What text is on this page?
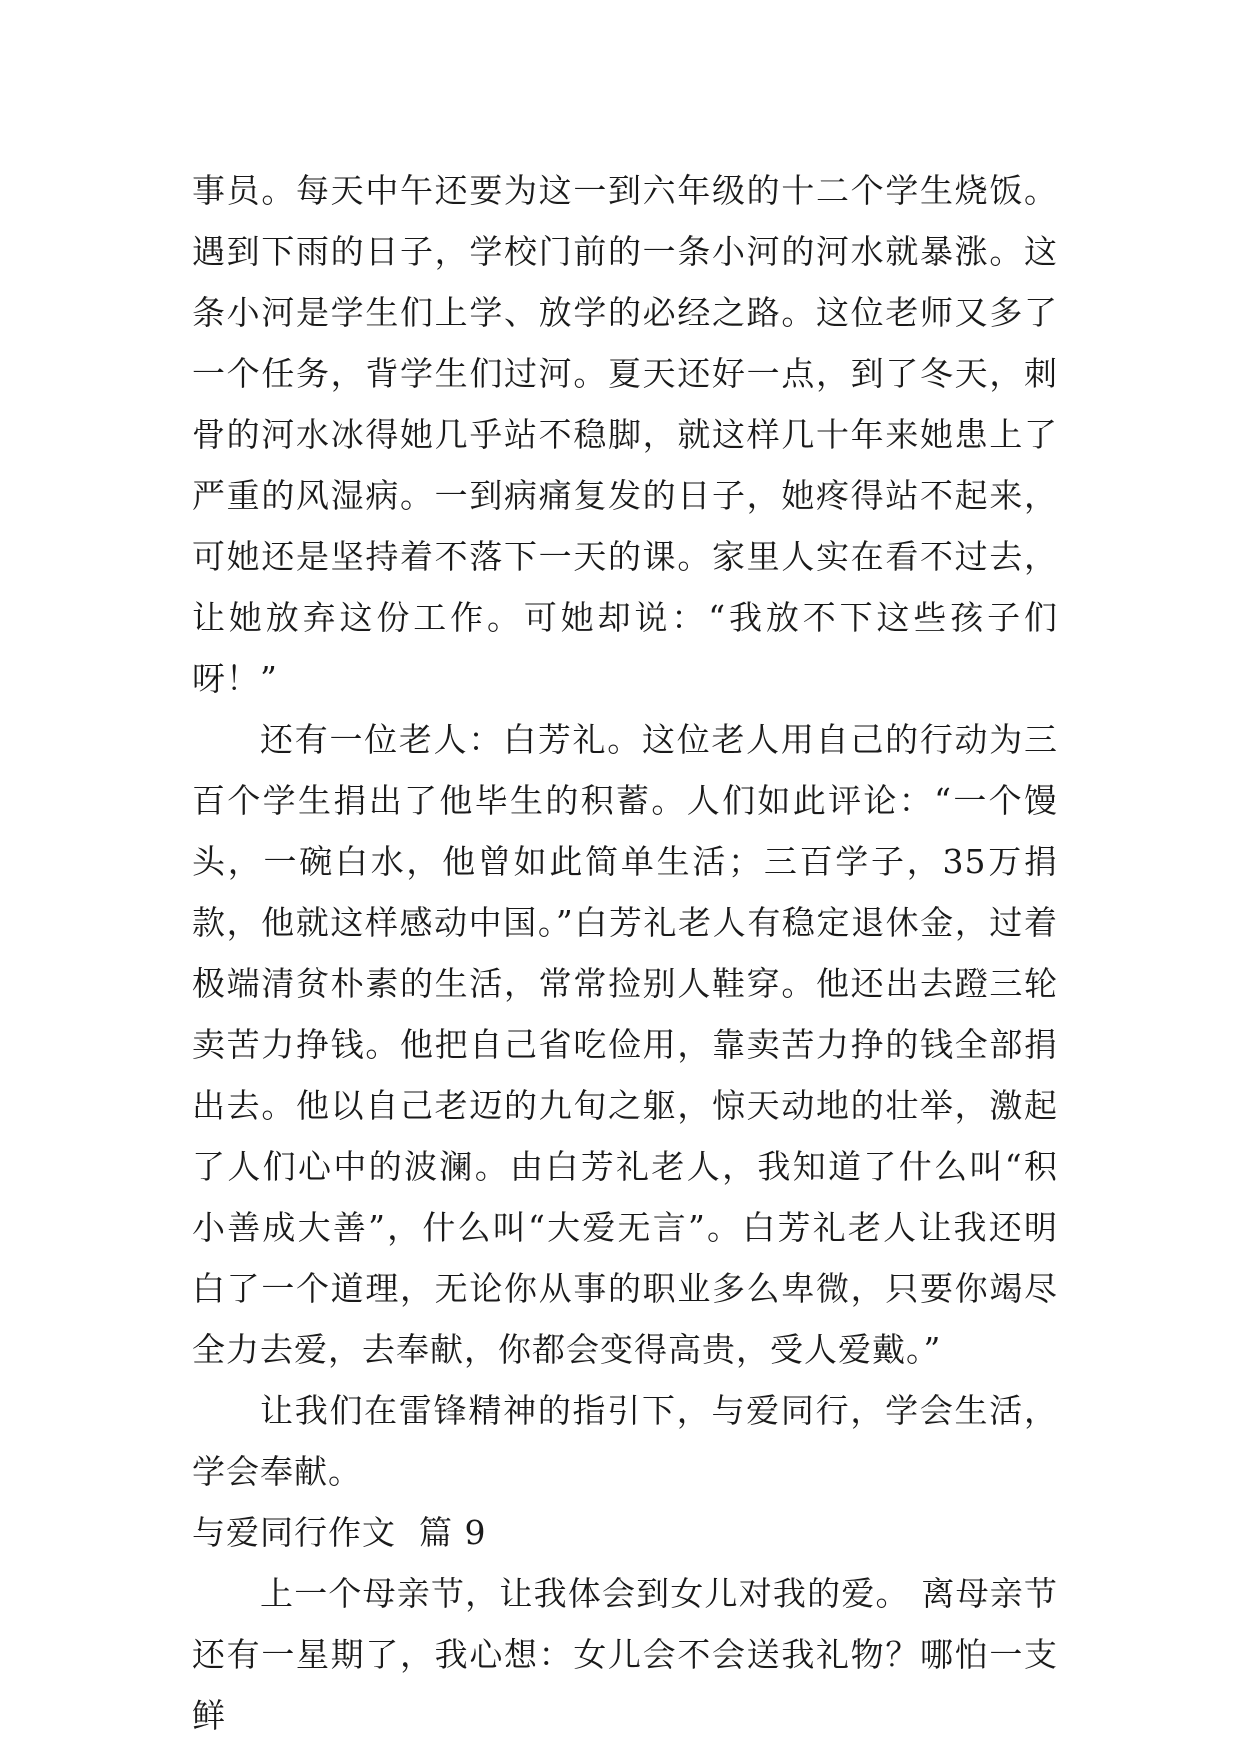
事员。每天中午还要为这一到六年级的十二个学生烧饭。遇到下雨的日子，学校门前的一条小河的河水就暴涨。这条小河是学生们上学、放学的必经之路。这位老师又多了一个任务，背学生们过河。夏天还好一点，到了冬天，刺骨的河水冰得她几乎站不稳脚，就这样几十年来她患上了严重的风湿病。一到病痛复发的日子，她疼得站不起来，可她还是坚持着不落下一天的课。家里人实在看不过去，让她放弃这份工作。可她却说：“我放不下这些孩子们呀！”

还有一位老人：白芳礼。这位老人用自己的行动为三百个学生捐出了他毕生的积蓄。人们如此评论：“一个馒头，一碗白水，他曾如此简单生活；三百学子，35万捐款，他就这样感动中国。”白芳礼老人有稳定退休金，过着极端清贫朴素的生活，常常捡别人鞋穿。他还出去蹬三轮卖苦力挣钱。他把自己省吃俭用，靠卖苦力挣的钱全部捐出去。他以自己老迈的九旬之躯，惊天动地的壮举，激起了人们心中的波澜。由白芳礼老人，我知道了什么叫“积小善成大善”，什么叫“大爱无言”。白芳礼老人让我还明白了一个道理，无论你从事的职业多么卑微，只要你竭尽全力去爱，去奉献，你都会变得高贵，受人爱戴。”

让我们在雷锋精神的指引下，与爱同行，学会生活，学会奉献。

与爱同行作文  篇 9

上一个母亲节，让我体会到女儿对我的爱。 离母亲节还有一星期了，我心想：女儿会不会送我礼物？哪怕一支鲜
